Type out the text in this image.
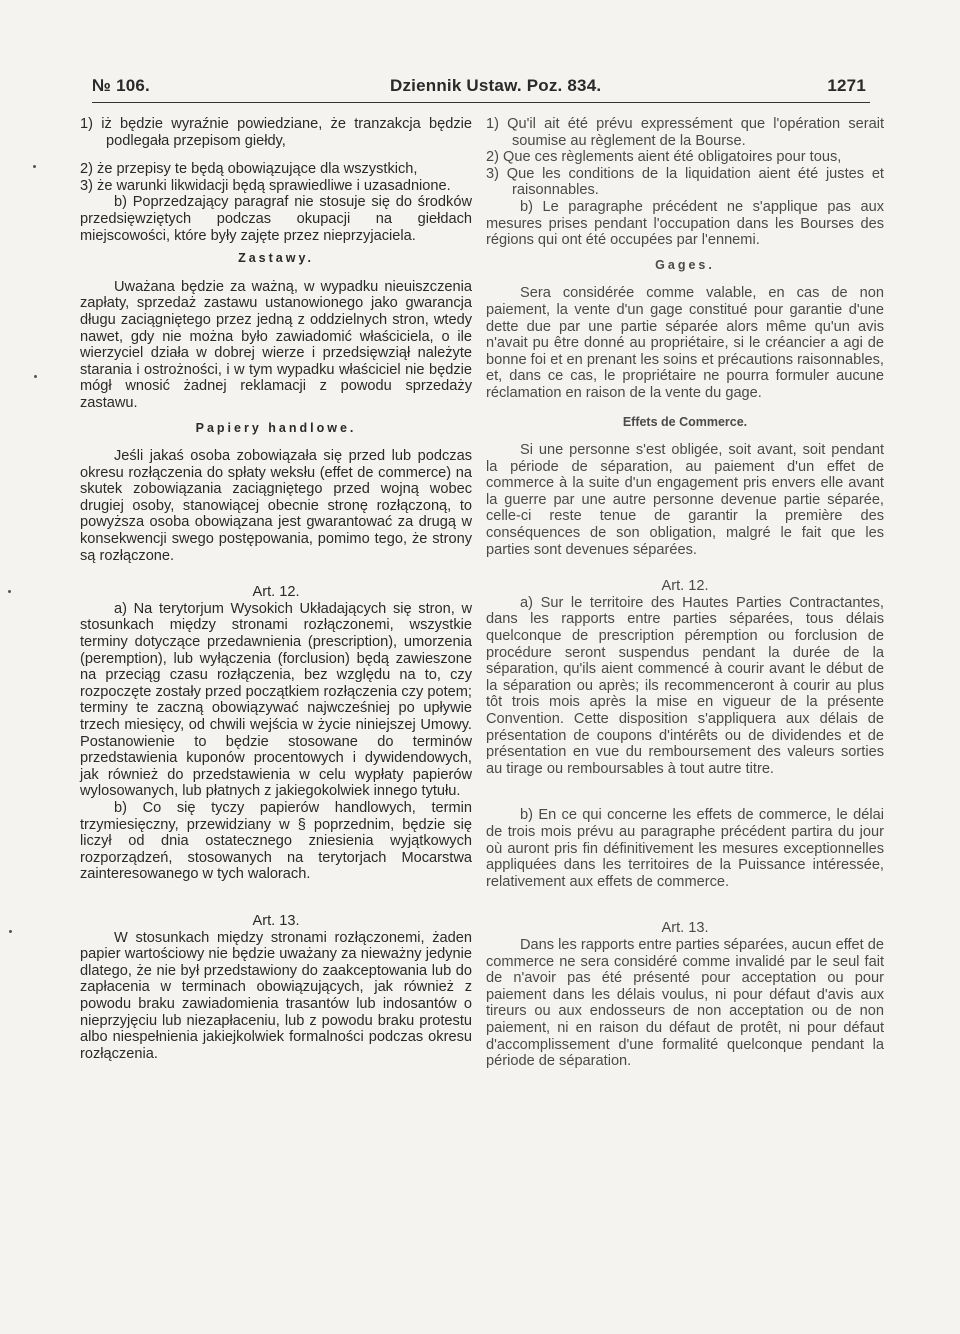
№ 106.	Dziennik Ustaw. Poz. 834.	1271

1) iż będzie wyraźnie powiedziane, że tranzakcja będzie podlegała przepisom giełdy,

2) że przepisy te będą obowiązujące dla wszystkich,

3) że warunki likwidacji będą sprawiedliwe i uzasadnione.

b) Poprzedzający paragraf nie stosuje się do środków przedsięwziętych podczas okupacji na giełdach miejscowości, które były zajęte przez nieprzyjaciela.

Zastawy.

Uważana będzie za ważną, w wypadku nieuiszczenia zapłaty, sprzedaż zastawu ustanowionego jako gwarancja długu zaciągniętego przez jedną z oddzielnych stron, wtedy nawet, gdy nie można było zawiadomić właściciela, o ile wierzyciel działa w dobrej wierze i przedsięwziął należyte starania i ostrożności, i w tym wypadku właściciel nie będzie mógł wnosić żadnej reklamacji z powodu sprzedaży zastawu.

Papiery handlowe.

Jeśli jakaś osoba zobowiązała się przed lub podczas okresu rozłączenia do spłaty weksłu (effet de commerce) na skutek zobowiązania zaciągniętego przed wojną wobec drugiej osoby, stanowiącej obecnie stronę rozłączoną, to powyższa osoba obowiązana jest gwarantować za drugą w konsekwencji swego postępowania, pomimo tego, że strony są rozłączone.

Art. 12.

a) Na terytorjum Wysokich Układających się stron, w stosunkach między stronami rozłączonemi, wszystkie terminy dotyczące przedawnienia (prescription), umorzenia (peremption), lub wyłączenia (forclusion) będą zawieszone na przeciąg czasu rozłączenia, bez względu na to, czy rozpoczęte zostały przed początkiem rozłączenia czy potem; terminy te zaczną obowiązywać najwcześniej po upływie trzech miesięcy, od chwili wejścia w życie niniejszej Umowy. Postanowienie to będzie stosowane do terminów przedstawienia kuponów procentowych i dywidendowych, jak również do przedstawienia w celu wypłaty papierów wylosowanych, lub płatnych z jakiegokolwiek innego tytułu.

b) Co się tyczy papierów handlowych, termin trzymiesięczny, przewidziany w § poprzednim, będzie się liczył od dnia ostatecznego zniesienia wyjątkowych rozporządzeń, stosowanych na terytorjach Mocarstwa zainteresowanego w tych walorach.

Art. 13.

W stosunkach między stronami rozłączonemi, żaden papier wartościowy nie będzie uważany za nieważny jedynie dlatego, że nie był przedstawiony do zaakceptowania lub do zapłacenia w terminach obowiązujących, jak również z powodu braku zawiadomienia trasantów lub indosantów o nieprzyjęciu lub niezapłaceniu, lub z powodu braku protestu albo niespełnienia jakiejkolwiek formalności podczas okresu rozłączenia.

1) Qu'il ait été prévu expressément que l'opération serait soumise au règlement de la Bourse.

2) Que ces règlements aient été obligatoires pour tous,

3) Que les conditions de la liquidation aient été justes et raisonnables.

b) Le paragraphe précédent ne s'applique pas aux mesures prises pendant l'occupation dans les Bourses des régions qui ont été occupées par l'ennemi.

Gages.

Sera considérée comme valable, en cas de non paiement, la vente d'un gage constitué pour garantie d'une dette due par une partie séparée alors même qu'un avis n'avait pu être donné au propriétaire, si le créancier a agi de bonne foi et en prenant les soins et précautions raisonnables, et, dans ce cas, le propriétaire ne pourra formuler aucune réclamation en raison de la vente du gage.

Effets de Commerce.

Si une personne s'est obligée, soit avant, soit pendant la période de séparation, au paiement d'un effet de commerce à la suite d'un engagement pris envers elle avant la guerre par une autre personne devenue partie séparée, celle-ci reste tenue de garantir la première des conséquences de son obligation, malgré le fait que les parties sont devenues séparées.

Art. 12.

a) Sur le territoire des Hautes Parties Contractantes, dans les rapports entre parties séparées, tous délais quelconque de prescription péremption ou forclusion de procédure seront suspendus pendant la durée de la séparation, qu'ils aient commencé à courir avant le début de la séparation ou après; ils recommenceront à courir au plus tôt trois mois après la mise en vigueur de la présente Convention. Cette disposition s'appliquera aux délais de présentation de coupons d'intérêts ou de dividendes et de présentation en vue du remboursement des valeurs sorties au tirage ou remboursables à tout autre titre.

b) En ce qui concerne les effets de commerce, le délai de trois mois prévu au paragraphe précédent partira du jour où auront pris fin définitivement les mesures exceptionnelles appliquées dans les territoires de la Puissance intéressée, relativement aux effets de commerce.

Art. 13.

Dans les rapports entre parties séparées, aucun effet de commerce ne sera considéré comme invalidé par le seul fait de n'avoir pas été présenté pour acceptation ou pour paiement dans les délais voulus, ni pour défaut d'avis aux tireurs ou aux endosseurs de non acceptation ou de non paiement, ni en raison du défaut de protêt, ni pour défaut d'accomplissement d'une formalité quelconque pendant la période de séparation.
